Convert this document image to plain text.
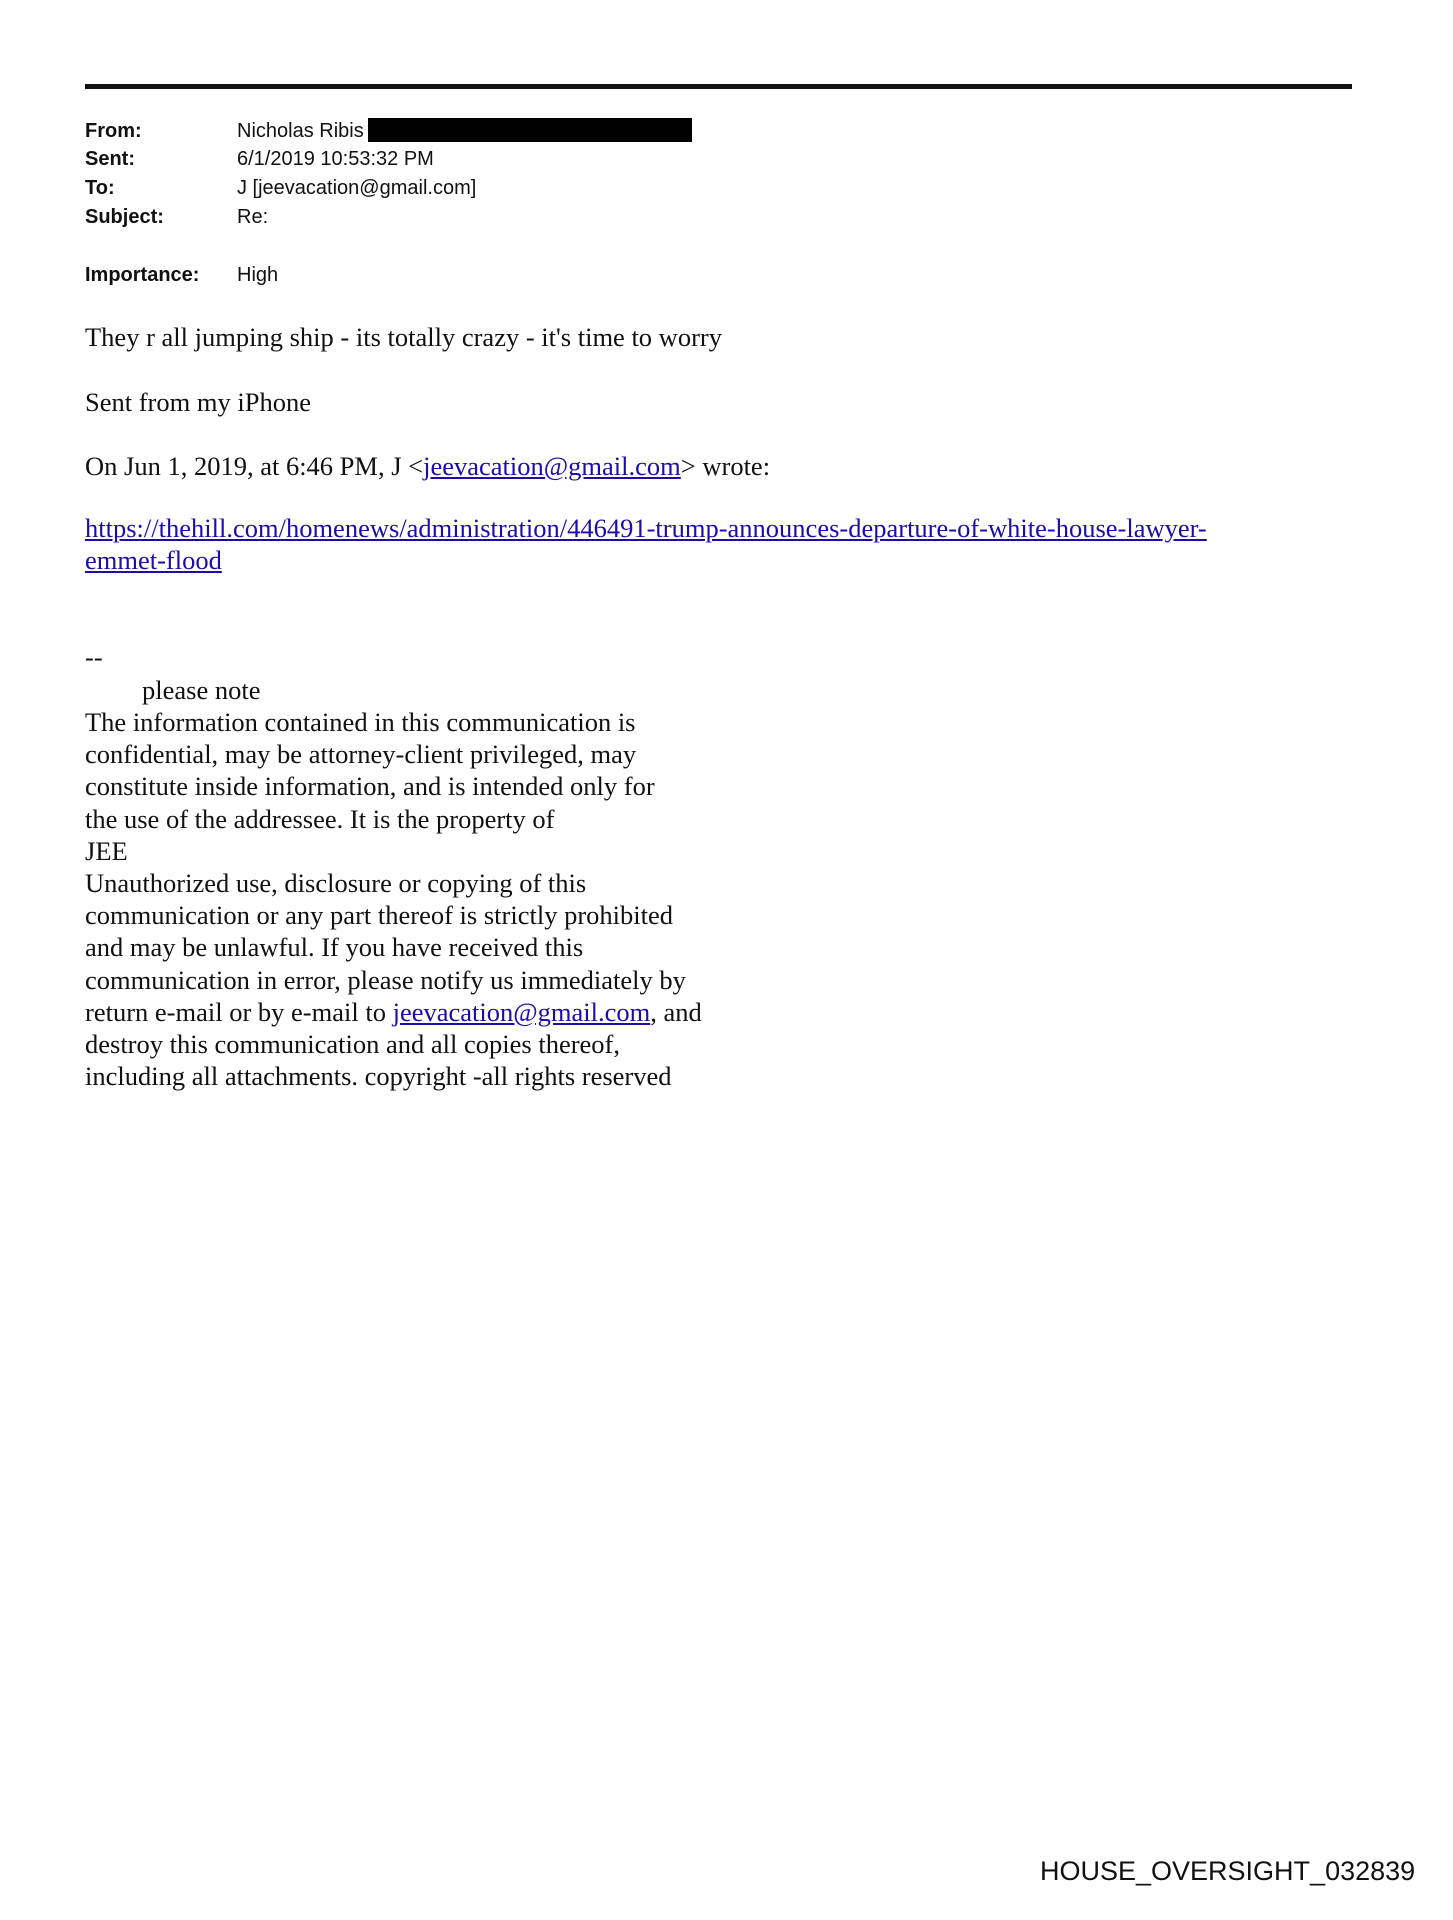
From:	Nicholas Ribis
Sent:	6/1/2019 10:53:32 PM
To:	J [jeevacation@gmail.com]
Subject:	Re:
Importance: High
They r all jumping ship - its totally crazy - it's time to worry
Sent from my iPhone
On Jun 1, 2019, at 6:46 PM, J <jeevacation@gmail.com> wrote:
https://thehill.com/homenews/administration/446491-trump-announces-departure-of-white-house-lawyer-
emmet-flood
--
please note
The information contained in this communication is
confidential, may be attorney-client privileged, may
constitute inside information, and is intended only for
the use of the addressee. It is the property of
JEE
Unauthorized use, disclosure or copying of this
communication or any part thereof is strictly prohibited
and may be unlawful. If you have received this
communication in error, please notify us immediately by
return e-mail or by e-mail to jeevacation@gmail.com, and
destroy this communication and all copies thereof,
including all attachments. copyright -all rights reserved
HOUSE_OVERSIGHT_032839
